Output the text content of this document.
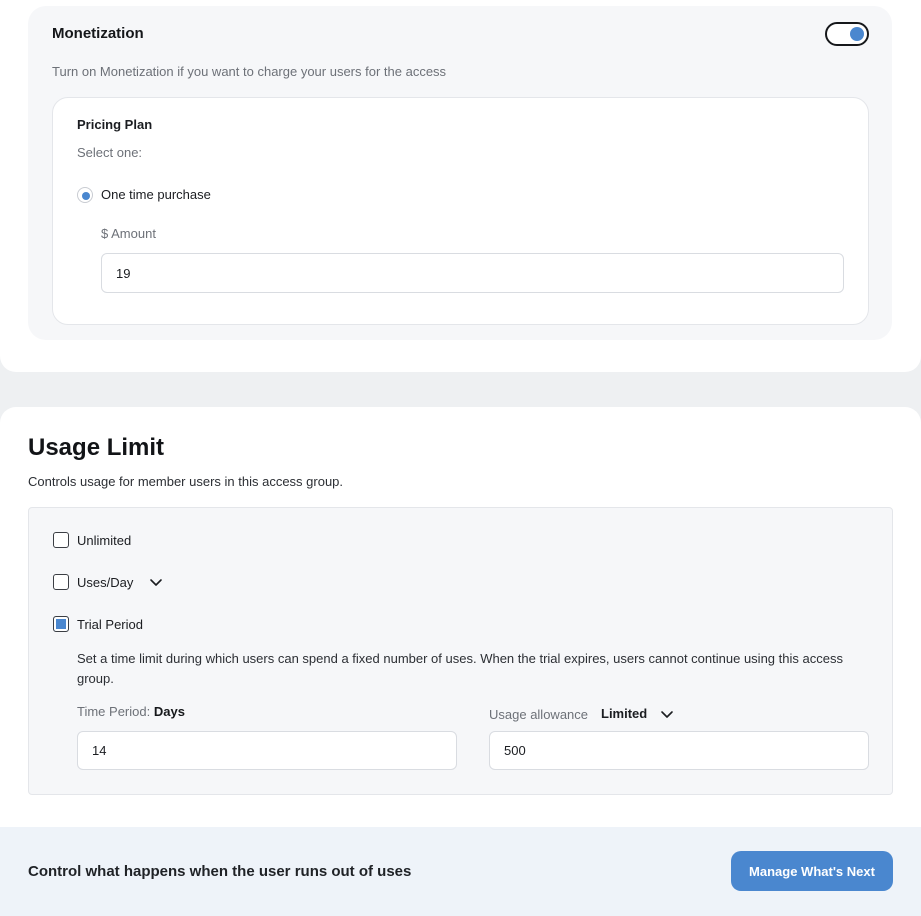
Monetization
Turn on Monetization if you want to charge your users for the access
Pricing Plan
Select one:
One time purchase
$ Amount
19
Usage Limit
Controls usage for member users in this access group.
Unlimited
Uses/Day
Trial Period
Set a time limit during which users can spend a fixed number of uses. When the trial expires, users cannot continue using this access group.
Time Period: Days
14	Usage allowance Limited
500
Control what happens when the user runs out of uses	Manage What's Next
